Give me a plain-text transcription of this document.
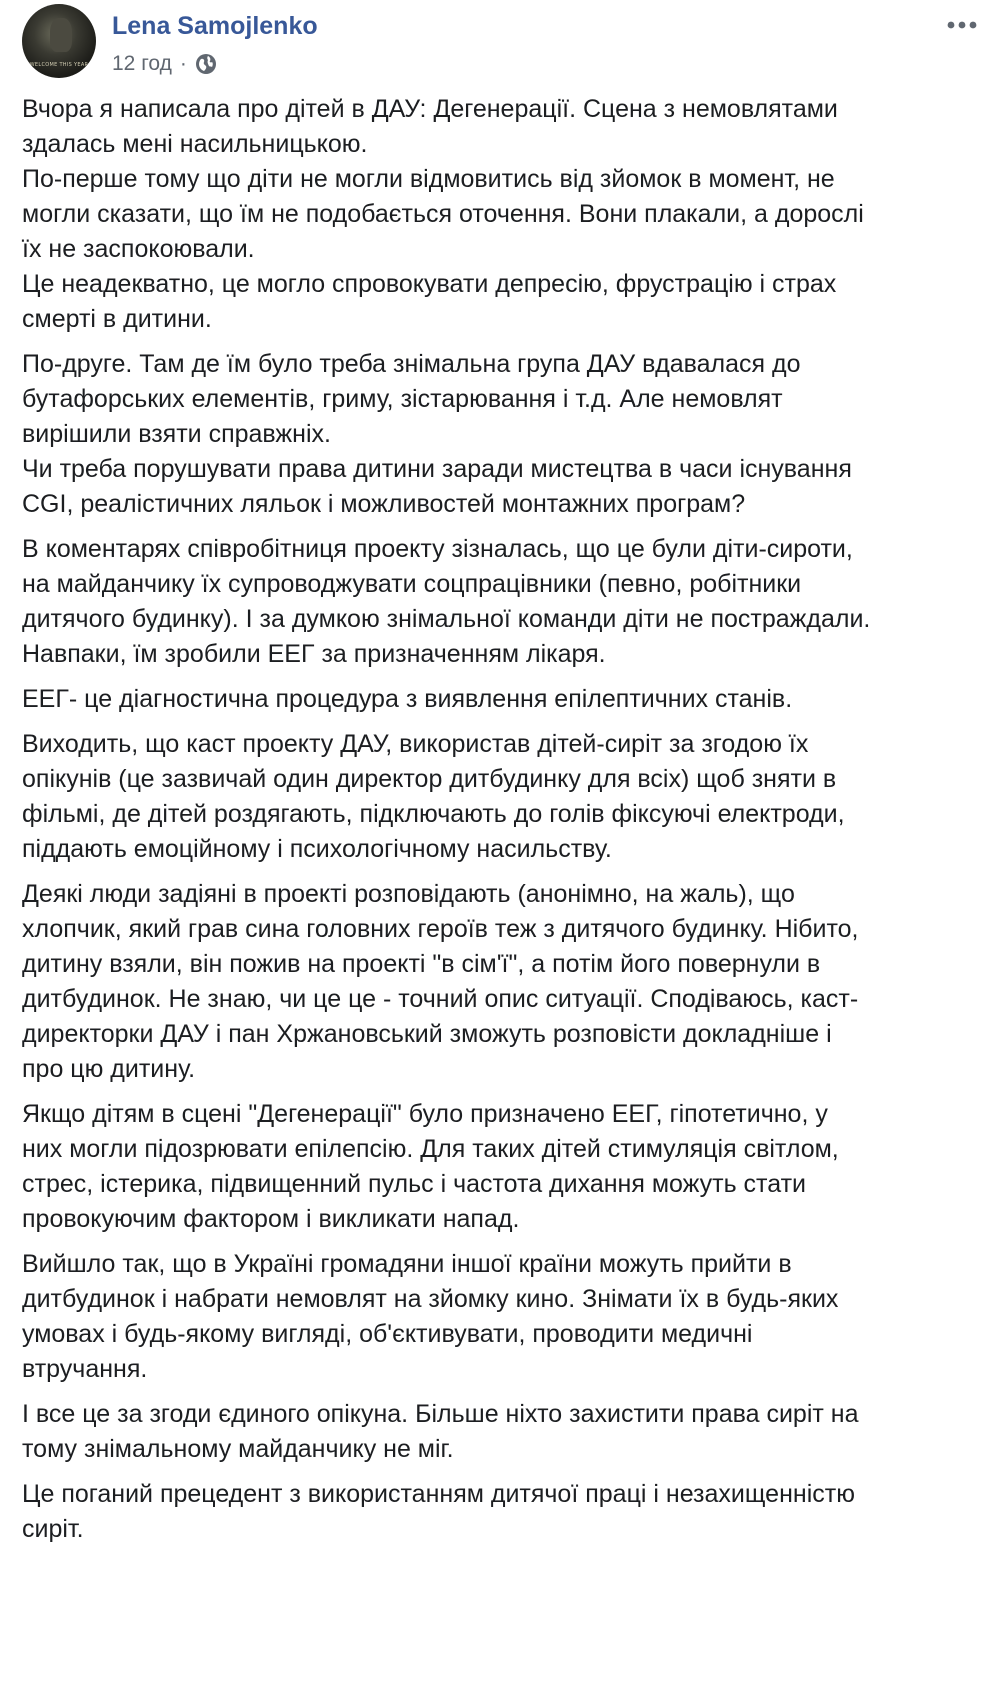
WELCOME THIS YEAR
Lena Samojlenko
12 год ·
Вчора я написала про дітей в ДАУ: Дегенерації. Сцена з немовлятами
здалась мені насильницькою.
По-перше тому що діти не могли відмовитись від зйомок в момент, не
могли сказати, що їм не подобається оточення. Вони плакали, а дорослі
їх не заспокоювали.
Це неадекватно, це могло спровокувати депресію, фрустрацію і страх
смерті в дитини.
По-друге. Там де їм було треба знімальна група ДАУ вдавалася до
бутафорських елементів, гриму, зістарювання і т.д. Але немовлят
вирішили взяти справжніх.
Чи треба порушувати права дитини заради мистецтва в часи існування
CGI, реалістичних ляльок і можливостей монтажних програм?
В коментарях співробітниця проекту зізналась, що це були діти-сироти,
на майданчику їх супроводжувати соцпрацівники (певно, робітники
дитячого будинку). І за думкою знімальної команди діти не постраждали.
Навпаки, їм зробили ЕЕГ за призначенням лікаря.
ЕЕГ- це діагностична процедура з виявлення епілептичних станів.
Виходить, що каст проекту ДАУ, використав дітей-сиріт за згодою їх
опікунів (це зазвичай один директор дитбудинку для всіх) щоб зняти в
фільмі, де дітей роздягають, підключають до голів фіксуючі електроди,
піддають емоційному і психологічному насильству.
Деякі люди задіяні в проекті розповідають (анонімно, на жаль), що
хлопчик, який грав сина головних героїв теж з дитячого будинку. Нібито,
дитину взяли, він пожив на проекті "в сім'ї", а потім його повернули в
дитбудинок. Не знаю, чи це це - точний опис ситуації. Сподіваюсь, каст-
директорки ДАУ і пан Хржановський зможуть розповісти докладніше і
про цю дитину.
Якщо дітям в сцені "Дегенерації" було призначено ЕЕГ, гіпотетично, у
них могли підозрювати епілепсію. Для таких дітей стимуляція світлом,
стрес, істерика, підвищенний пульс і частота дихання можуть стати
провокуючим фактором і викликати напад.
Вийшло так, що в Україні громадяни іншої країни можуть прийти в
дитбудинок і набрати немовлят на зйомку кино. Знімати їх в будь-яких
умовах і будь-якому вигляді, об'єктивувати, проводити медичні
втручання.
І все це за згоди єдиного опікуна. Більше ніхто захистити права сиріт на
тому знімальному майданчику не міг.
Це поганий прецедент з використанням дитячої праці і незахищенністю
сиріт.
